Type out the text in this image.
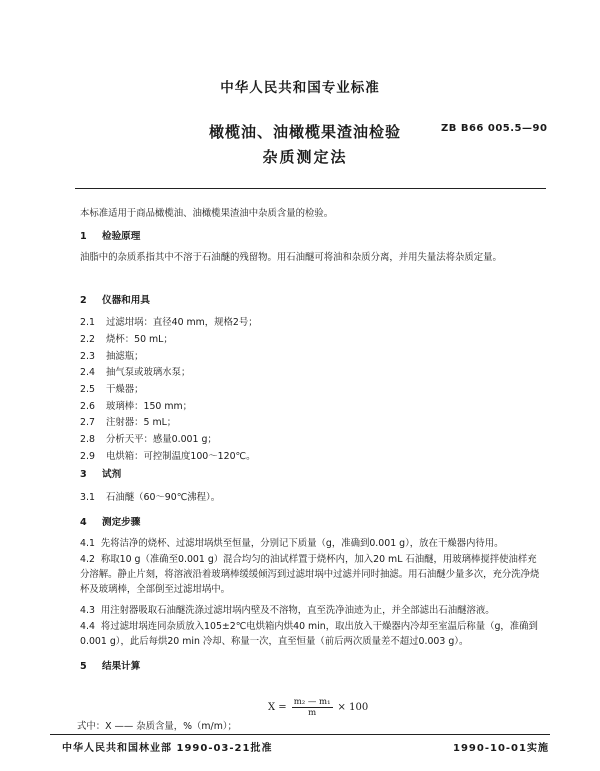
中华人民共和国专业标准
橄榄油、油橄榄果渣油检验
杂质测定法
ZB B66 005.5—90
本标准适用于商品橄榄油、油橄榄果渣油中杂质含量的检验。
1 检验原理
油脂中的杂质系指其中不溶于石油醚的残留物。用石油醚可将油和杂质分离，并用失量法将杂质定量。
2 仪器和用具
2.1 过滤坩埚：直径40 mm，规格2号；
2.2 烧杯：50 mL；
2.3 抽滤瓶；
2.4 抽气泵或玻璃水泵；
2.5 干燥器；
2.6 玻璃棒：150 mm；
2.7 注射器：5 mL；
2.8 分析天平：感量0.001 g；
2.9 电烘箱：可控制温度100～120℃。
3 试剂
3.1 石油醚（60～90℃沸程）。
4 测定步骤
4.1 先将洁净的烧杯、过滤坩埚烘至恒量，分别记下质量（g，准确到0.001 g），放在干燥器内待用。
4.2 称取10 g（准确至0.001 g）混合均匀的油试样置于烧杯内，加入20 mL 石油醚，用玻璃棒搅拌使油样充分溶解。静止片刻，将溶液沿着玻璃棒缓缓倾泻到过滤坩埚中过滤并同时抽滤。用石油醚少量多次，充分洗净烧杯及玻璃棒，全部倒至过滤坩埚中。
4.3 用注射器吸取石油醚洗涤过滤坩埚内壁及不溶物，直至洗净油迹为止，并全部滤出石油醚溶液。
4.4 将过滤坩埚连同杂质放入105±2℃电烘箱内烘40 min，取出放入干燥器内冷却至室温后称量（g，准确到0.001 g），此后每烘20 min 冷却、称量一次，直至恒量（前后两次质量差不超过0.003 g）。
5 结果计算
$X = \frac{\text{m₂ — m₁}}{m} \times 100$
式中：X —— 杂质含量，%（m/m）；
中华人民共和国林业部 1990-03-21批准	1990-10-01实施
